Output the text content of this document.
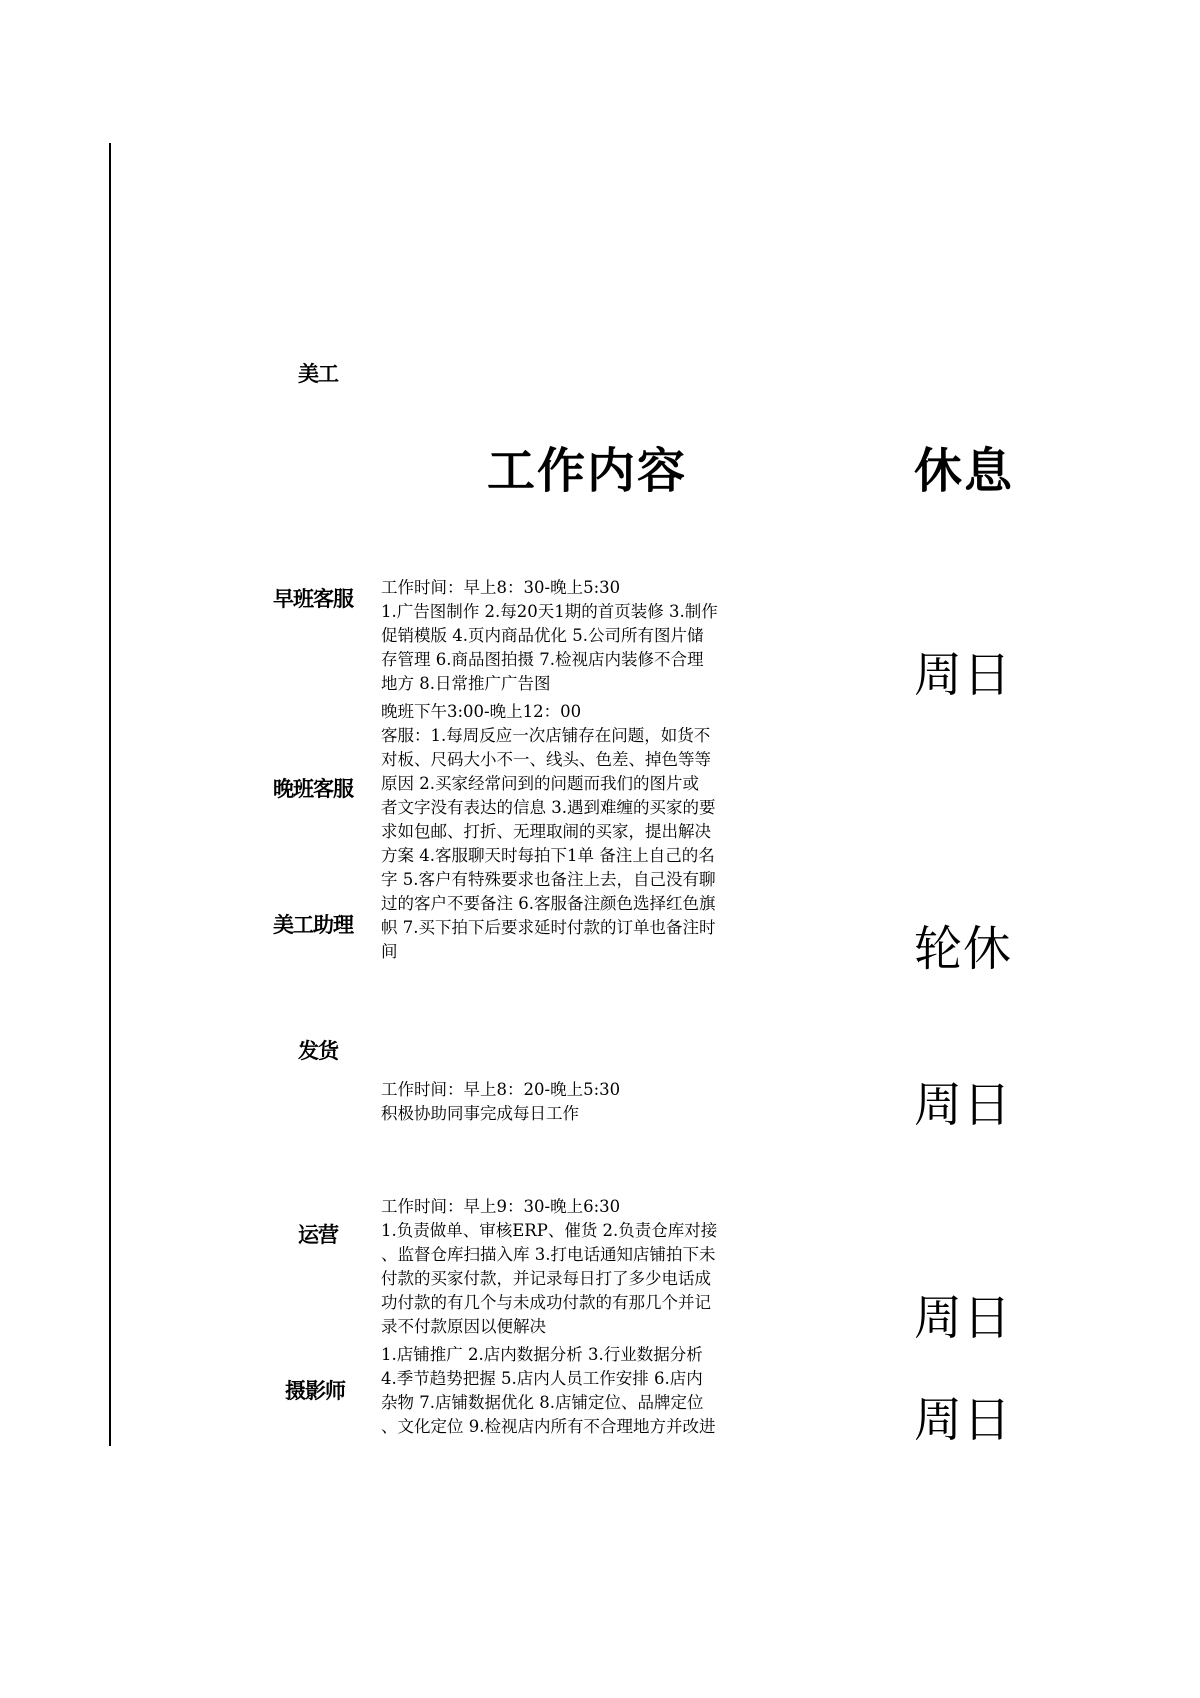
美工
早班客服
晚班客服
美工助理
发货
运营
摄影师
工作内容	休息
周日
轮休
周日
周日
周日
工作时间：早上8：30-晚上5:30
1.广告图制作 2.每20天1期的首页装修 3.制作
促销模版 4.页内商品优化 5.公司所有图片储
存管理 6.商品图拍摄 7.检视店内装修不合理
地方 8.日常推广广告图
晚班下午3:00-晚上12：00
客服：1.每周反应一次店铺存在问题，如货不
对板、尺码大小不一、线头、色差、掉色等等
原因 2.买家经常问到的问题而我们的图片或
者文字没有表达的信息 3.遇到难缠的买家的要
求如包邮、打折、无理取闹的买家，提出解决
方案 4.客服聊天时每拍下1单 备注上自己的名
字 5.客户有特殊要求也备注上去，自己没有聊
过的客户不要备注 6.客服备注颜色选择红色旗
帜 7.买下拍下后要求延时付款的订单也备注时
间
工作时间：早上8：20-晚上5:30
积极协助同事完成每日工作
工作时间：早上9：30-晚上6:30
1.负责做单、审核ERP、催货 2.负责仓库对接
、监督仓库扫描入库 3.打电话通知店铺拍下未
付款的买家付款，并记录每日打了多少电话成
功付款的有几个与未成功付款的有那几个并记
录不付款原因以便解决
1.店铺推广 2.店内数据分析 3.行业数据分析
4.季节趋势把握 5.店内人员工作安排 6.店内
杂物 7.店铺数据优化 8.店铺定位、品牌定位
、文化定位 9.检视店内所有不合理地方并改进
